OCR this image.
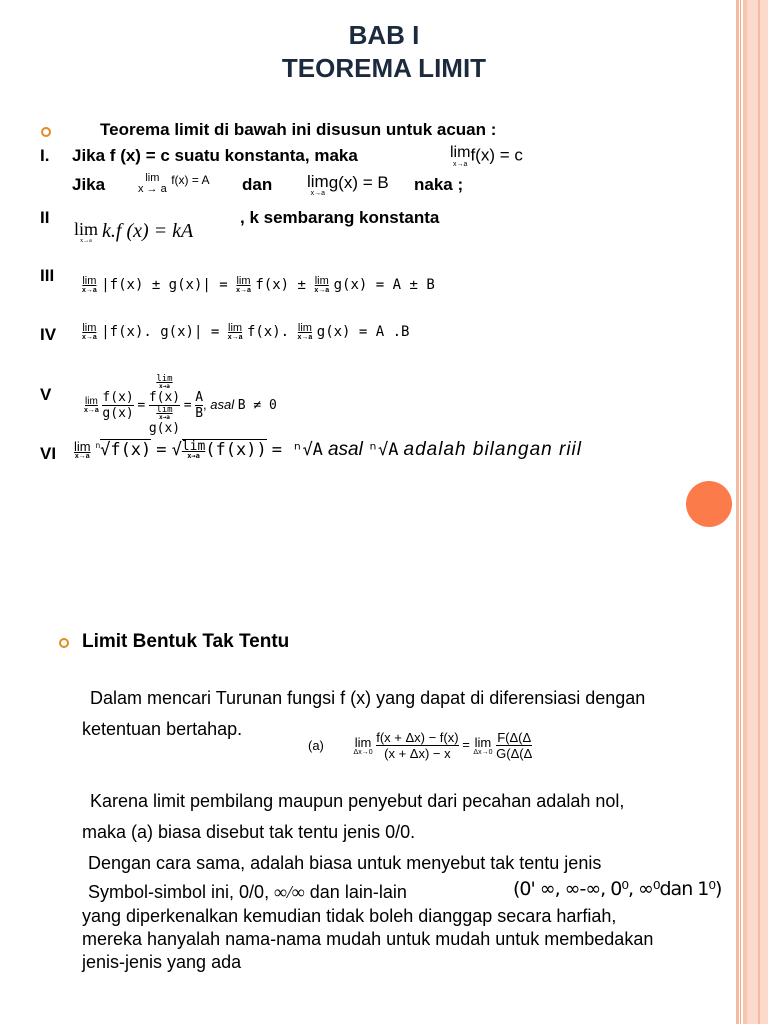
BAB I
TEOREMA LIMIT
Teorema limit di bawah ini disusun untuk acuan :
I. Jika f (x) = c suatu konstanta, maka	lim
x→a f(x) = c
Jika	lim
x → a
$^{f(x) = A}$ dan lim
x→a
g(x) = B naka ;
II
lim
x→a k.f (x) = kA
, k sembarang konstanta
III	lim
x→a |f(x) ± g(x)| = lim
x→a f(x) ± lim
x→a g(x) = A ± B
IV lim
x→a |f(x). g(x)| = lim
x→a f(x). lim
x→a g(x) = A .B
V	lim
x→a
$\frac{f(x)}{g(x)} = \lim$
x→a
f(x)
lim
x→a
$g(x) = \frac{A}{B}$ , asal B ≠ 0
VI lim
x→a
$^n$√f(x) = √ lim
x→a (f(x)) = ⁿ√A asal ⁿ√A adalah bilangan riil
Limit Bentuk Tak Tentu
Dalam mencari Turunan fungsi f (x) yang dapat di diferensiasi dengan
ketentuan bertahap.
(a) lim
Δx→0
$\frac{f(x + \Delta x) - f(x)}{(x + \Delta x) - x} = \lim$
Δx→0
$\frac{F(\Delta(\Delta}{G(\Delta(\Delta}$
Karena limit pembilang maupun penyebut dari pecahan adalah nol,
maka (a) biasa disebut tak tentu jenis 0/0.
Dengan cara sama, adalah biasa untuk menyebut tak tentu jenis
Symbol-simbol ini, 0/0, ∞/∞ dan lain-lain	(0' ∞, ∞-∞, 0⁰, ∞⁰dan 1⁰)
yang diperkenalkan kemudian tidak boleh dianggap secara harfiah,
mereka hanyalah nama-nama mudah untuk mudah untuk membedakan
jenis-jenis yang ada
